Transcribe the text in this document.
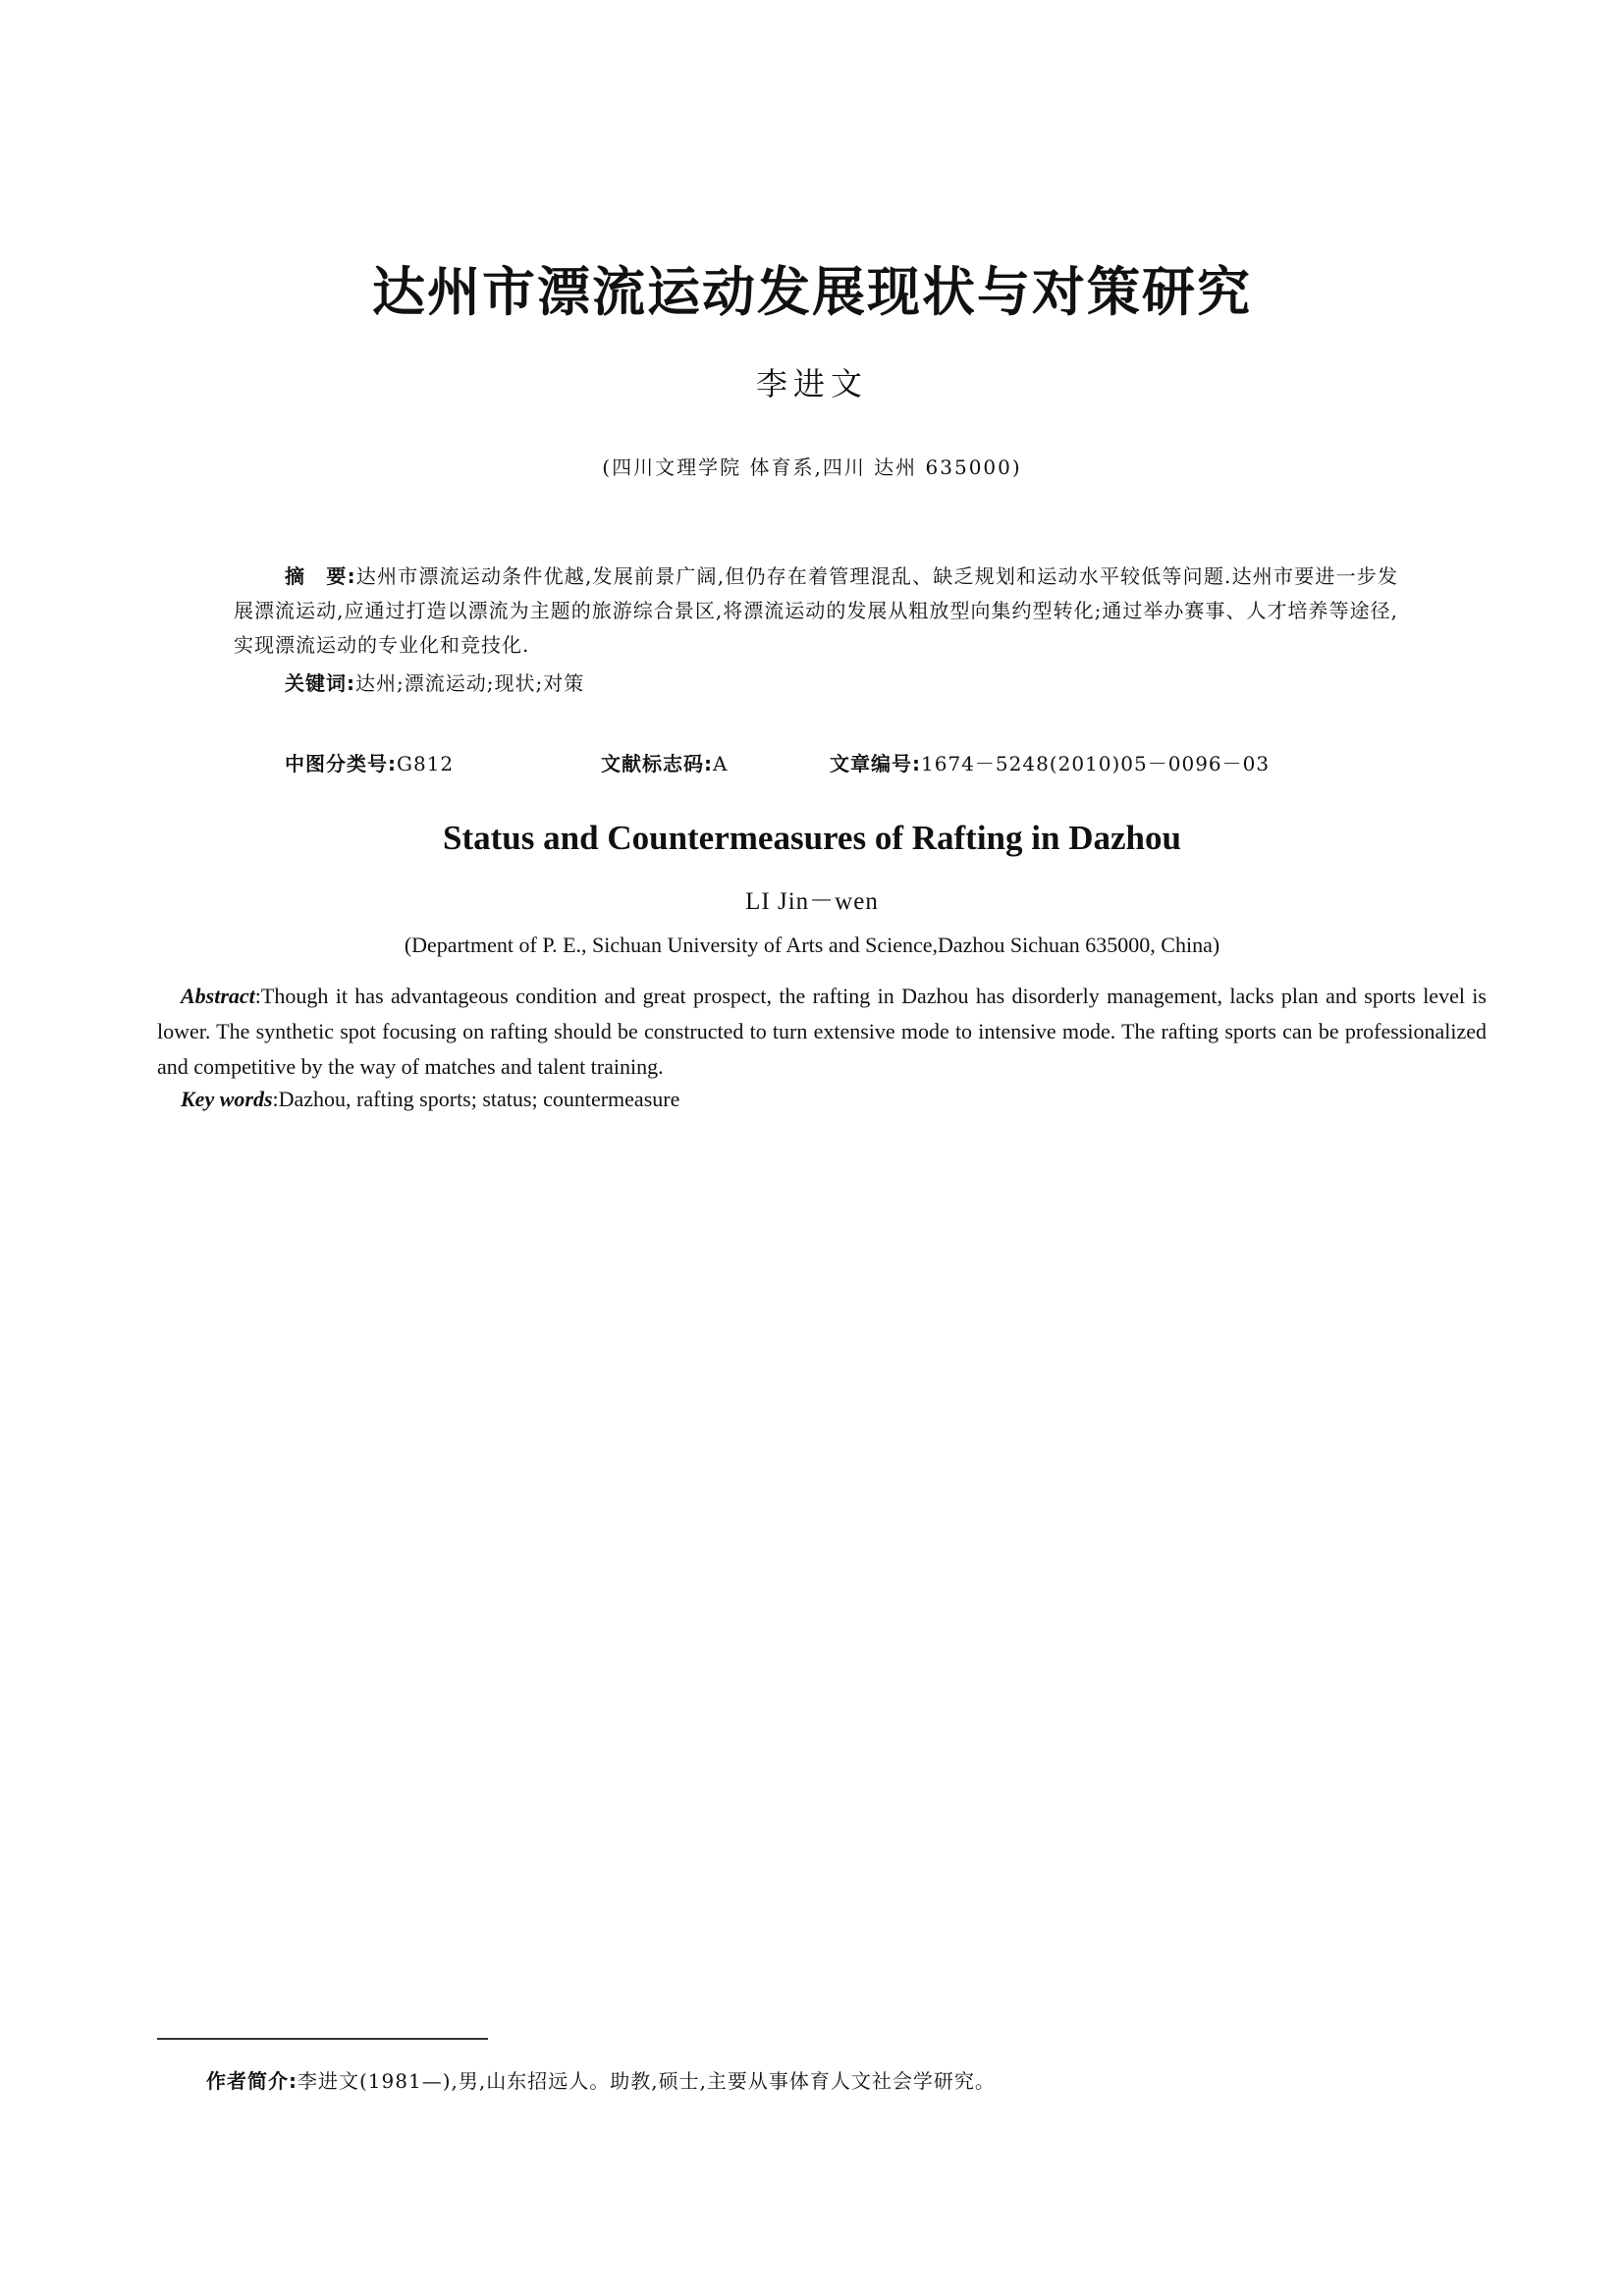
达州市漂流运动发展现状与对策研究
李进文
(四川文理学院 体育系,四川 达州 635000)
摘　要:达州市漂流运动条件优越,发展前景广阔,但仍存在着管理混乱、缺乏规划和运动水平较低等问题.达州市要进一步发展漂流运动,应通过打造以漂流为主题的旅游综合景区,将漂流运动的发展从粗放型向集约型转化;通过举办赛事、人才培养等途径,实现漂流运动的专业化和竞技化.
关键词:达州;漂流运动;现状;对策
中图分类号:G812	文献标志码:A	文章编号:1674－5248(2010)05－0096－03
Status and Countermeasures of Rafting in Dazhou
LI Jin－wen
(Department of P. E., Sichuan University of Arts and Science,Dazhou Sichuan 635000, China)
Abstract:Though it has advantageous condition and great prospect, the rafting in Dazhou has disorderly management, lacks plan and sports level is lower. The synthetic spot focusing on rafting should be constructed to turn extensive mode to intensive mode. The rafting sports can be professionalized and competitive by the way of matches and talent training.
Key words:Dazhou, rafting sports; status; countermeasure
作者简介:李进文(1981—),男,山东招远人。助教,硕士,主要从事体育人文社会学研究。
